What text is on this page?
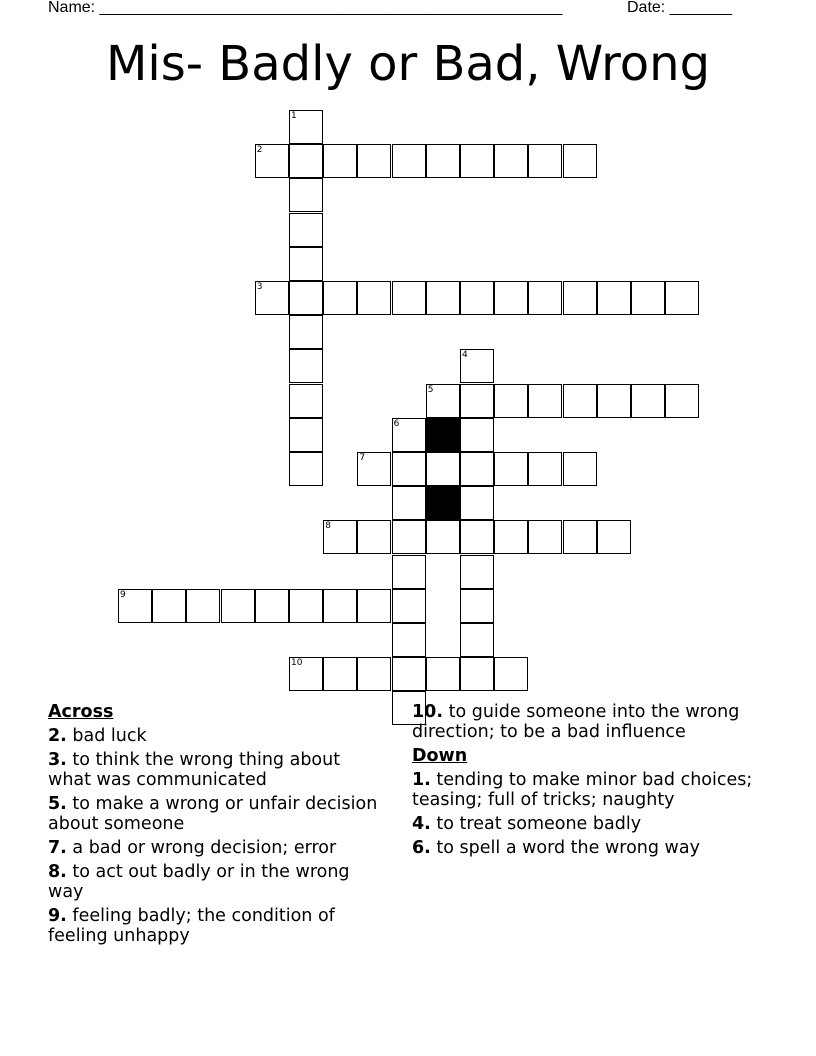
Name: ____________________________________________________	Date: _______
Mis- Badly or Bad, Wrong
2
3
5
7
8
9
10
1
4
6
Across
2. bad luck
3. to think the wrong thing about what was communicated
5. to make a wrong or unfair decision about someone
7. a bad or wrong decision; error
8. to act out badly or in the wrong way
9. feeling badly; the condition of feeling unhappy
10. to guide someone into the wrong direction; to be a bad influence
Down
1. tending to make minor bad choices; teasing; full of tricks; naughty
4. to treat someone badly
6. to spell a word the wrong way
